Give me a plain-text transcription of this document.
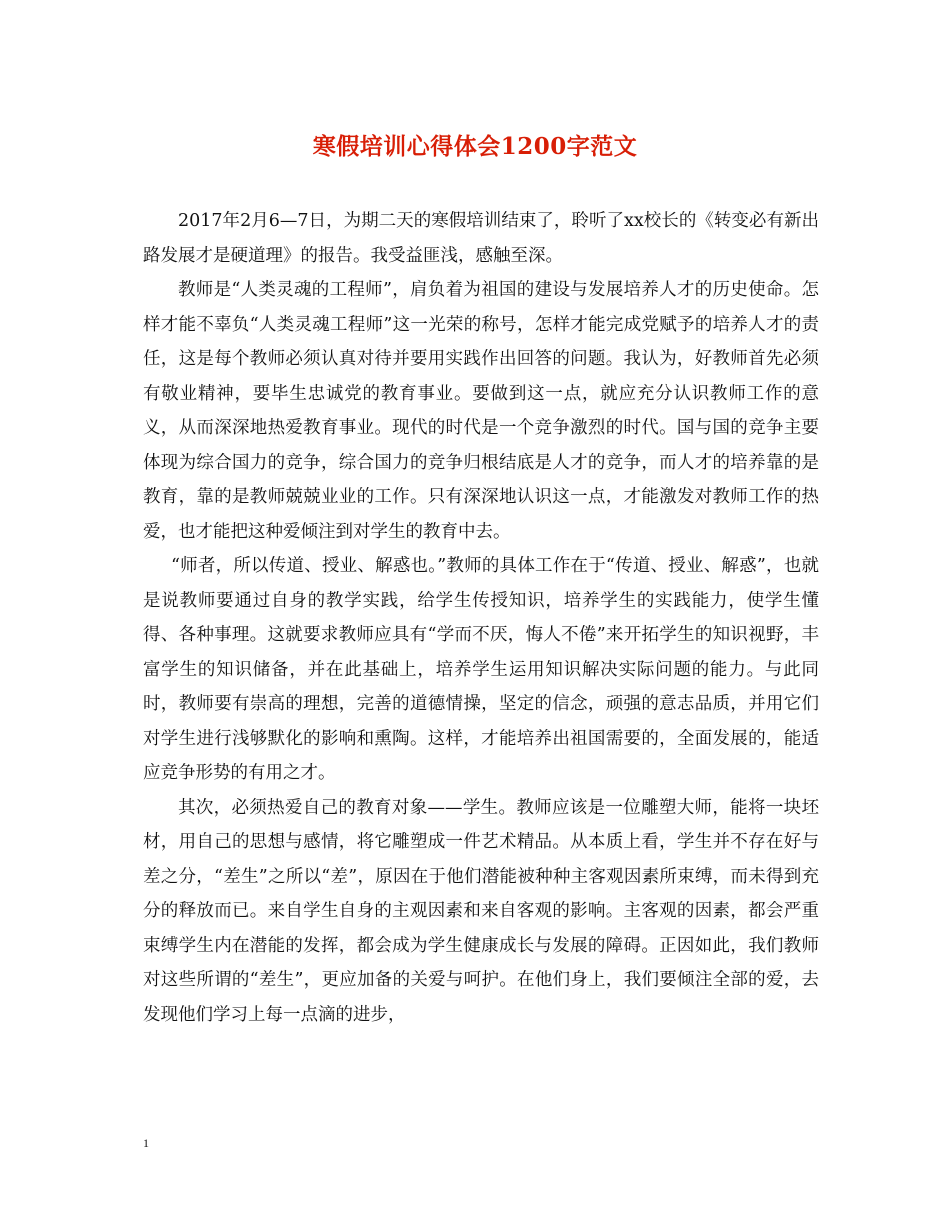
寒假培训心得体会1200字范文

2017年2月6—7日，为期二天的寒假培训结束了，聆听了xx校长的《转变必有新出路发展才是硬道理》的报告。我受益匪浅，感触至深。

教师是“人类灵魂的工程师”，肩负着为祖国的建设与发展培养人才的历史使命。怎样才能不辜负“人类灵魂工程师”这一光荣的称号，怎样才能完成党赋予的培养人才的责任，这是每个教师必须认真对待并要用实践作出回答的问题。我认为，好教师首先必须有敬业精神，要毕生忠诚党的教育事业。要做到这一点，就应充分认识教师工作的意义，从而深深地热爱教育事业。现代的时代是一个竞争激烈的时代。国与国的竞争主要体现为综合国力的竞争，综合国力的竞争归根结底是人才的竞争，而人才的培养靠的是教育，靠的是教师兢兢业业的工作。只有深深地认识这一点，才能激发对教师工作的热爱，也才能把这种爱倾注到对学生的教育中去。

“师者，所以传道、授业、解惑也。”教师的具体工作在于“传道、授业、解惑”，也就是说教师要通过自身的教学实践，给学生传授知识，培养学生的实践能力，使学生懂得、各种事理。这就要求教师应具有“学而不厌，悔人不倦”来开拓学生的知识视野，丰富学生的知识储备，并在此基础上，培养学生运用知识解决实际问题的能力。与此同时，教师要有崇高的理想，完善的道德情操，坚定的信念，顽强的意志品质，并用它们对学生进行浅够默化的影响和熏陶。这样，才能培养出祖国需要的，全面发展的，能适应竞争形势的有用之才。

其次，必须热爱自己的教育对象——学生。教师应该是一位雕塑大师，能将一块坯材，用自己的思想与感情，将它雕塑成一件艺术精品。从本质上看，学生并不存在好与差之分，“差生”之所以“差”，原因在于他们潜能被种种主客观因素所束缚，而未得到充分的释放而已。来自学生自身的主观因素和来自客观的影响。主客观的因素，都会严重束缚学生内在潜能的发挥，都会成为学生健康成长与发展的障碍。正因如此，我们教师对这些所谓的“差生”，更应加备的关爱与呵护。在他们身上，我们要倾注全部的爱，去发现他们学习上每一点滴的进步，

1
